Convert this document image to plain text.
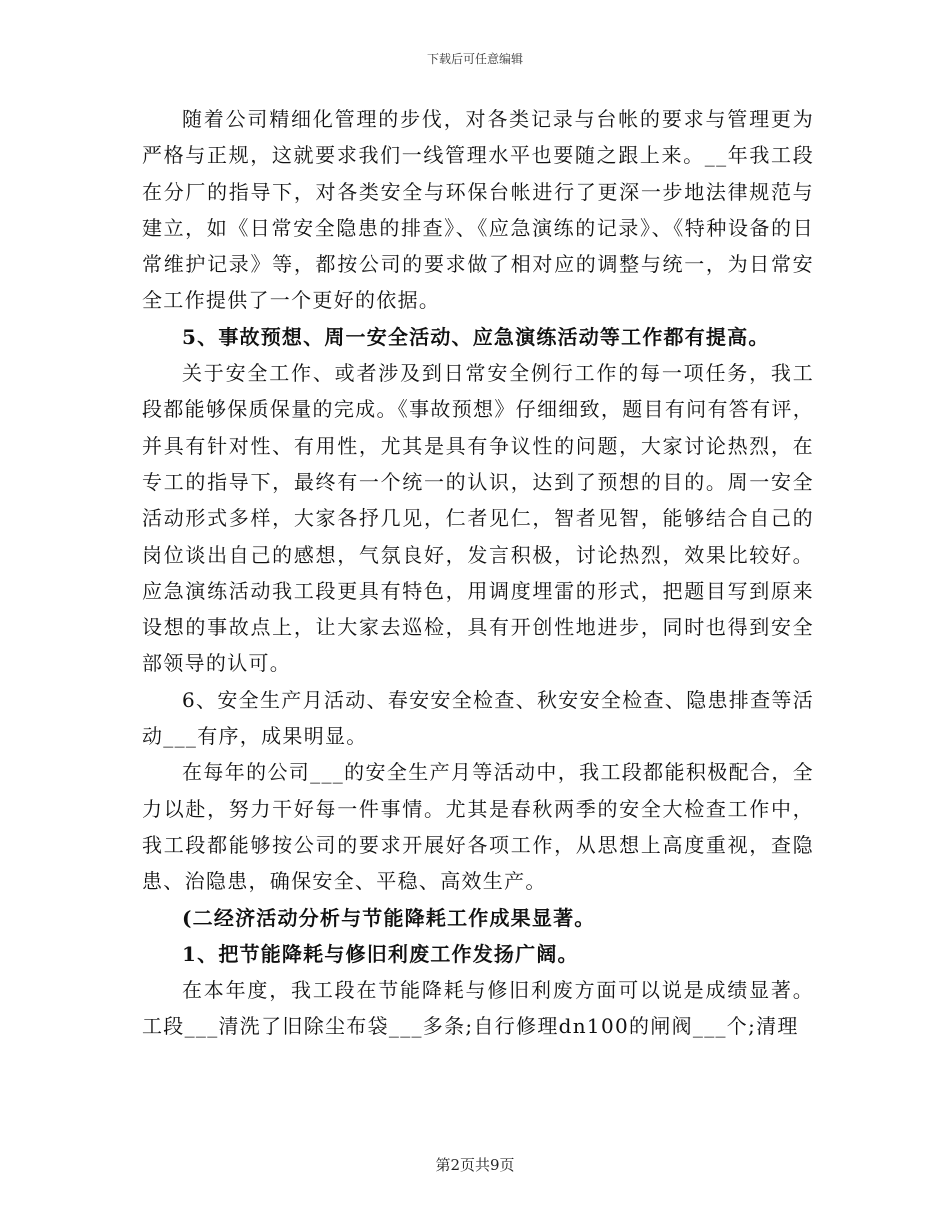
下载后可任意编辑

随着公司精细化管理的步伐，对各类记录与台帐的要求与管理更为严格与正规，这就要求我们一线管理水平也要随之跟上来。__年我工段在分厂的指导下，对各类安全与环保台帐进行了更深一步地法律规范与建立，如《日常安全隐患的排查》、《应急演练的记录》、《特种设备的日常维护记录》等，都按公司的要求做了相对应的调整与统一，为日常安全工作提供了一个更好的依据。

5、事故预想、周一安全活动、应急演练活动等工作都有提高。

关于安全工作、或者涉及到日常安全例行工作的每一项任务，我工段都能够保质保量的完成。《事故预想》仔细细致，题目有问有答有评，并具有针对性、有用性，尤其是具有争议性的问题，大家讨论热烈，在专工的指导下，最终有一个统一的认识，达到了预想的目的。周一安全活动形式多样，大家各抒几见，仁者见仁，智者见智，能够结合自己的岗位谈出自己的感想，气氛良好，发言积极，讨论热烈，效果比较好。应急演练活动我工段更具有特色，用调度埋雷的形式，把题目写到原来设想的事故点上，让大家去巡检，具有开创性地进步，同时也得到安全部领导的认可。

6、安全生产月活动、春安安全检查、秋安安全检查、隐患排查等活动___有序，成果明显。

在每年的公司___的安全生产月等活动中，我工段都能积极配合，全力以赴，努力干好每一件事情。尤其是春秋两季的安全大检查工作中，我工段都能够按公司的要求开展好各项工作，从思想上高度重视，查隐患、治隐患，确保安全、平稳、高效生产。

(二经济活动分析与节能降耗工作成果显著。

1、把节能降耗与修旧利废工作发扬广阔。

在本年度，我工段在节能降耗与修旧利废方面可以说是成绩显著。工段___清洗了旧除尘布袋___多条;自行修理dn100的闸阀___个;清理

第2页共9页
